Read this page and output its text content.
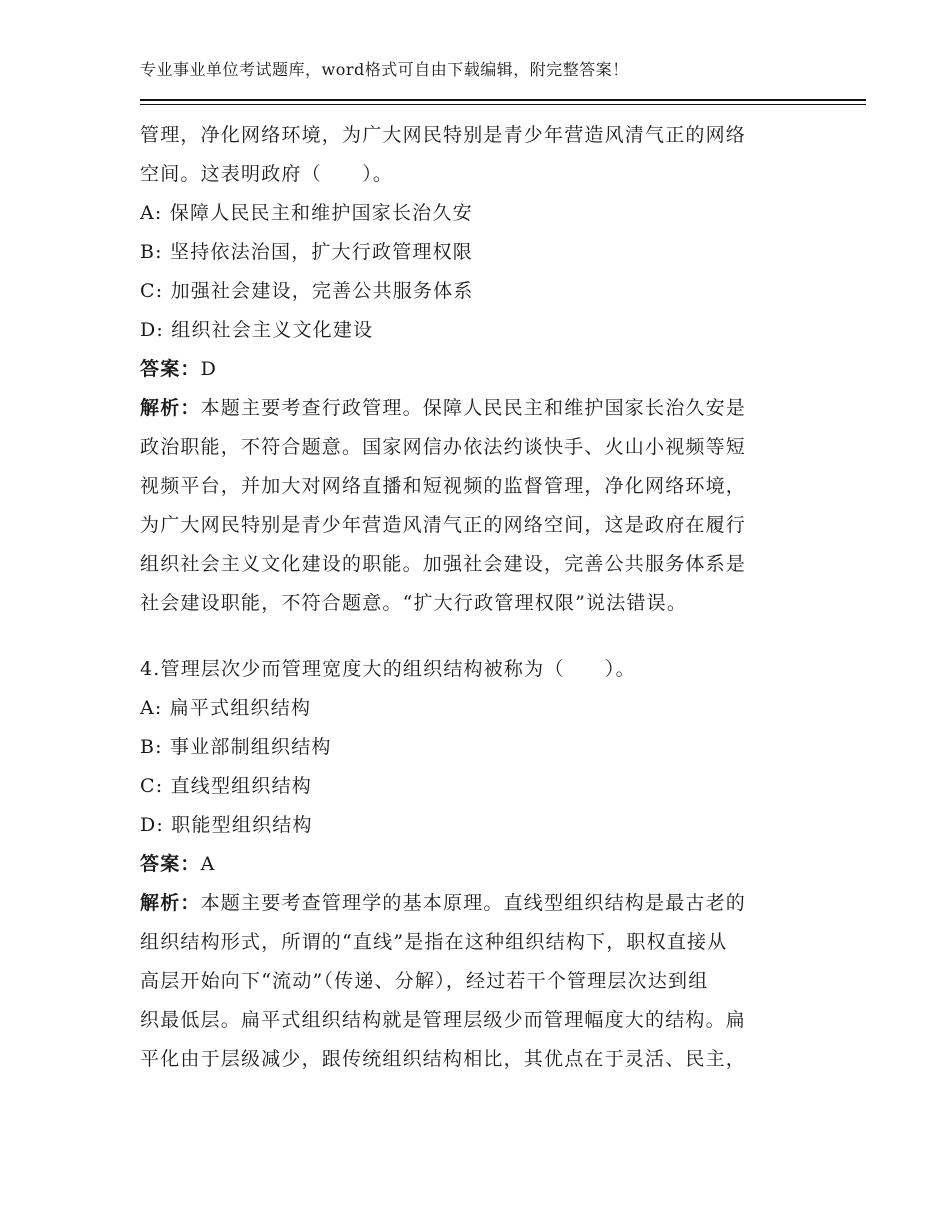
专业事业单位考试题库，word格式可自由下载编辑，附完整答案！
管理，净化网络环境，为广大网民特别是青少年营造风清气正的网络
空间。这表明政府（　　）。
A: 保障人民民主和维护国家长治久安
B: 坚持依法治国，扩大行政管理权限
C: 加强社会建设，完善公共服务体系
D: 组织社会主义文化建设
答案：D
解析：本题主要考查行政管理。保障人民民主和维护国家长治久安是
政治职能，不符合题意。国家网信办依法约谈快手、火山小视频等短
视频平台，并加大对网络直播和短视频的监督管理，净化网络环境，
为广大网民特别是青少年营造风清气正的网络空间，这是政府在履行
组织社会主义文化建设的职能。加强社会建设，完善公共服务体系是
社会建设职能，不符合题意。“扩大行政管理权限”说法错误。
4.管理层次少而管理宽度大的组织结构被称为（　　）。
A: 扁平式组织结构
B: 事业部制组织结构
C: 直线型组织结构
D: 职能型组织结构
答案：A
解析：本题主要考查管理学的基本原理。直线型组织结构是最古老的
组织结构形式，所谓的“直线”是指在这种组织结构下，职权直接从
高层开始向下“流动”（传递、分解），经过若干个管理层次达到组
织最低层。扁平式组织结构就是管理层级少而管理幅度大的结构。扁
平化由于层级减少，跟传统组织结构相比，其优点在于灵活、民主，
